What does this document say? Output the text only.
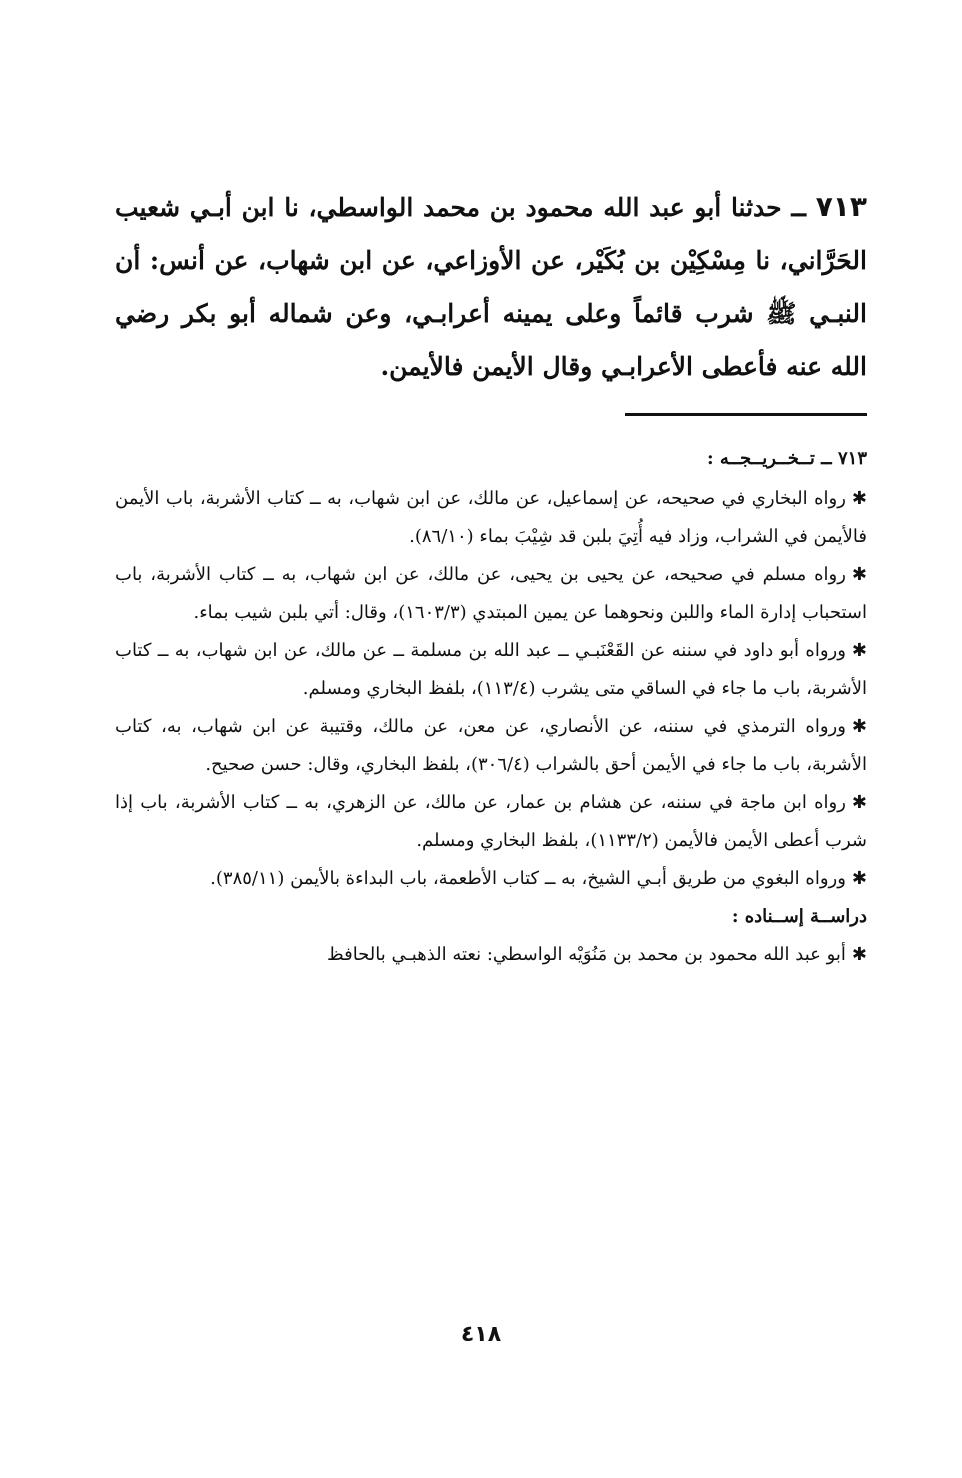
٧١٣ ــ حدثنا أبو عبد الله محمود بن محمد الواسطي، نا ابن أبـي شعيب الحَرَّاني، نا مِسْكِيْن بن بُكَيْر، عن الأوزاعي، عن ابن شهاب، عن أنس: أن النبـي ﷺ شرب قائماً وعلى يمينه أعرابـي، وعن شماله أبو بكر رضي الله عنه فأعطى الأعرابـي وقال الأيمن فالأيمن.
٧١٣ ــ تــخــريــجــه :

✱رواه البخاري في صحيحه، عن إسماعيل، عن مالك، عن ابن شهاب، به ــ كتاب الأشربة، باب الأيمن فالأيمن في الشراب، وزاد فيه أُتِيَ بلبن قد شِيْبَ بماء (٨٦/١٠).

✱رواه مسلم في صحيحه، عن يحيى بن يحيى، عن مالك، عن ابن شهاب، به ــ كتاب الأشربة، باب استحباب إدارة الماء واللبن ونحوهما عن يمين المبتدي (١٦٠٣/٣)، وقال: أتي بلبن شيب بماء.

✱ورواه أبو داود في سننه عن القَعْنَبـي ــ عبد الله بن مسلمة ــ عن مالك، عن ابن شهاب، به ــ كتاب الأشربة، باب ما جاء في الساقي متى يشرب (١١٣/٤)، بلفظ البخاري ومسلم.

✱ورواه الترمذي في سننه، عن الأنصاري، عن معن، عن مالك، وقتيبة عن ابن شهاب، به، كتاب الأشربة، باب ما جاء في الأيمن أحق بالشراب (٣٠٦/٤)، بلفظ البخاري، وقال: حسن صحيح.

✱رواه ابن ماجة في سننه، عن هشام بن عمار، عن مالك، عن الزهري، به ــ كتاب الأشربة، باب إذا شرب أعطى الأيمن فالأيمن (١١٣٣/٢)، بلفظ البخاري ومسلم.

✱ورواه البغوي من طريق أبـي الشيخ، به ــ كتاب الأطعمة، باب البداءة بالأيمن (٣٨٥/١١).

دراســة إســناده :

✱أبو عبد الله محمود بن محمد بن مَنُوَيْه الواسطي: نعته الذهبـي بالحافظ

٤١٨
